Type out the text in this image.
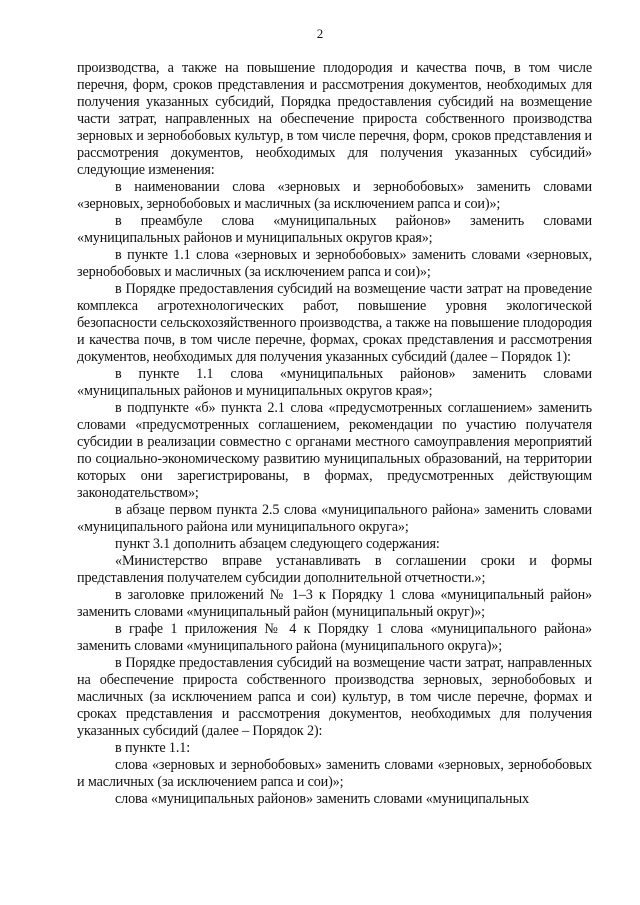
2

производства, а также на повышение плодородия и качества почв, в том числе перечня, форм, сроков представления и рассмотрения документов, необходимых для получения указанных субсидий, Порядка предоставления субсидий на возмещение части затрат, направленных на обеспечение прироста собственного производства зерновых и зернобобовых культур, в том числе перечня, форм, сроков представления и рассмотрения документов, необходимых для получения указанных субсидий» следующие изменения:

в наименовании слова «зерновых и зернобобовых» заменить словами «зерновых, зернобобовых и масличных (за исключением рапса и сои)»;

в преамбуле слова «муниципальных районов» заменить словами «муниципальных районов и муниципальных округов края»;

в пункте 1.1 слова «зерновых и зернобобовых» заменить словами «зерновых, зернобобовых и масличных (за исключением рапса и сои)»;

в Порядке предоставления субсидий на возмещение части затрат на проведение комплекса агротехнологических работ, повышение уровня экологической безопасности сельскохозяйственного производства, а также на повышение плодородия и качества почв, в том числе перечне, формах, сроках представления и рассмотрения документов, необходимых для получения указанных субсидий (далее – Порядок 1):

в пункте 1.1 слова «муниципальных районов» заменить словами «муниципальных районов и муниципальных округов края»;

в подпункте «б» пункта 2.1 слова «предусмотренных соглашением» заменить словами «предусмотренных соглашением, рекомендации по участию получателя субсидии в реализации совместно с органами местного самоуправления мероприятий по социально-экономическому развитию муниципальных образований, на территории которых они зарегистрированы, в формах, предусмотренных действующим законодательством»;

в абзаце первом пункта 2.5 слова «муниципального района» заменить словами «муниципального района или муниципального округа»;

пункт 3.1 дополнить абзацем следующего содержания:

«Министерство вправе устанавливать в соглашении сроки и формы представления получателем субсидии дополнительной отчетности.»;

в заголовке приложений № 1–3 к Порядку 1 слова «муниципальный район» заменить словами «муниципальный район (муниципальный округ)»;

в графе 1 приложения № 4 к Порядку 1 слова «муниципального района» заменить словами «муниципального района (муниципального округа)»;

в Порядке предоставления субсидий на возмещение части затрат, направленных на обеспечение прироста собственного производства зерновых, зернобобовых и масличных (за исключением рапса и сои) культур, в том числе перечне, формах и сроках представления и рассмотрения документов, необходимых для получения указанных субсидий (далее – Порядок 2):

в пункте 1.1:

слова «зерновых и зернобобовых» заменить словами «зерновых, зернобобовых и масличных (за исключением рапса и сои)»;

слова «муниципальных районов» заменить словами «муниципальных
